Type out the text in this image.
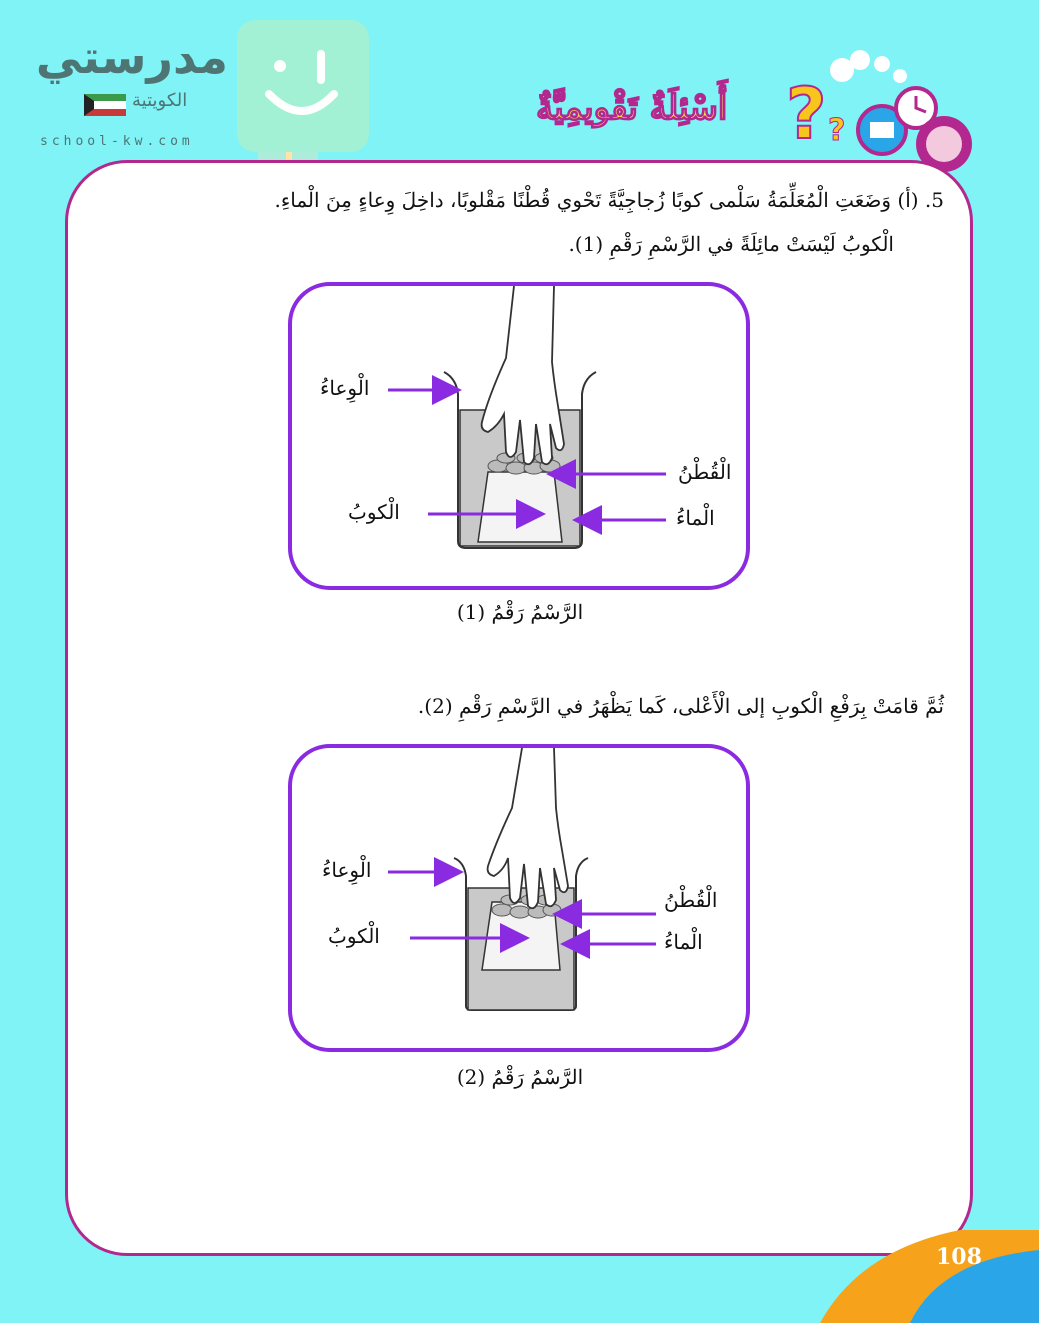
مدرستي
الكويتية
school-kw.com
أَسْئِلَةٌ تَقْويمِيَّةٌ ? ?
5. (أ) وَضَعَتِ الْمُعَلِّمَةُ سَلْمى كوبًا زُجاجِيَّةً تَحْوي قُطْنًا مَقْلوبًا، داخِلَ وِعاءٍ مِنَ الْماءِ.
الْكوبُ لَيْسَتْ مائِلَةً في الرَّسْمِ رَقْمِ (1).
الْوِعاءُ
الْقُطْنُ
الْكوبُ	الْماءُ
الرَّسْمُ رَقْمُ (1)
ثُمَّ قامَتْ بِرَفْعِ الْكوبِ إلى الْأَعْلى، كَما يَظْهَرُ في الرَّسْمِ رَقْمِ (2).
الْوِعاءُ
الْقُطْنُ
الْكوبُ	الْماءُ
الرَّسْمُ رَقْمُ (2)
108
